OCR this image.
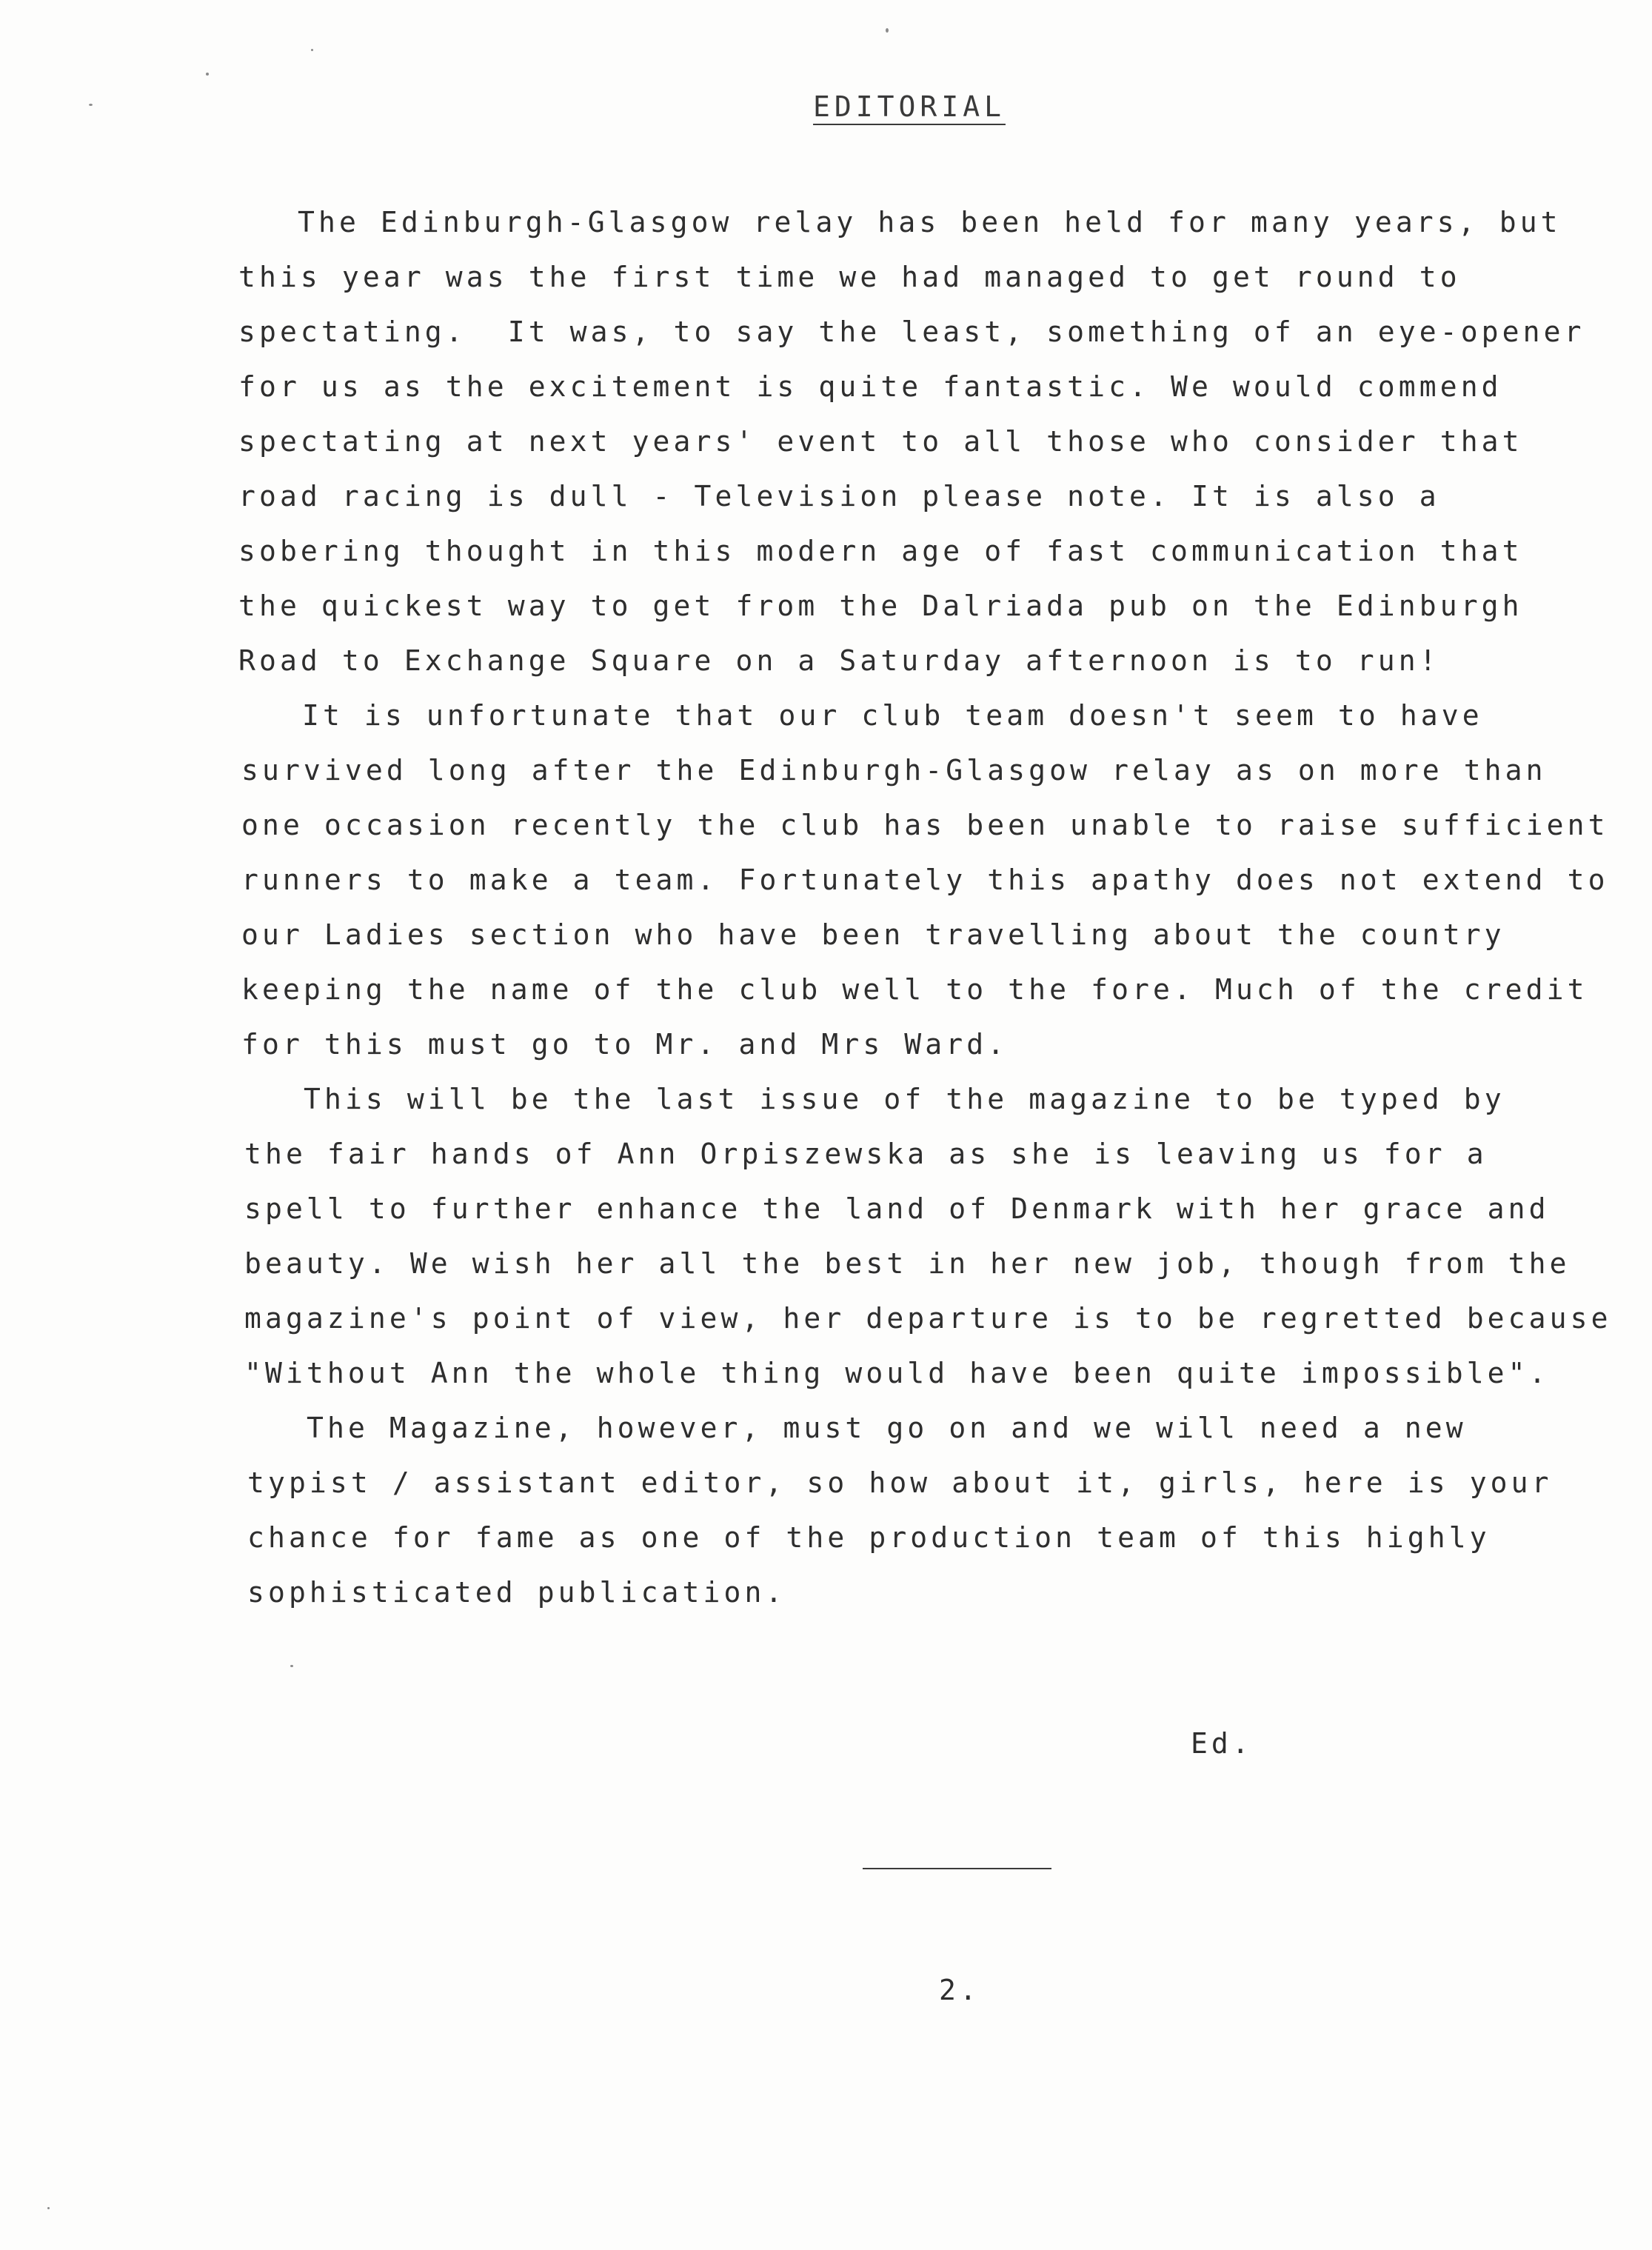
EDITORIAL
The Edinburgh-Glasgow relay has been held for many years, but
this year was the first time we had managed to get round to
spectating.  It was, to say the least, something of an eye-opener
for us as the excitement is quite fantastic. We would commend
spectating at next years' event to all those who consider that
road racing is dull - Television please note. It is also a
sobering thought in this modern age of fast communication that
the quickest way to get from the Dalriada pub on the Edinburgh
Road to Exchange Square on a Saturday afternoon is to run!
It is unfortunate that our club team doesn't seem to have
survived long after the Edinburgh-Glasgow relay as on more than
one occasion recently the club has been unable to raise sufficient
runners to make a team. Fortunately this apathy does not extend to
our Ladies section who have been travelling about the country
keeping the name of the club well to the fore. Much of the credit
for this must go to Mr. and Mrs Ward.
This will be the last issue of the magazine to be typed by
the fair hands of Ann Orpiszewska as she is leaving us for a
spell to further enhance the land of Denmark with her grace and
beauty. We wish her all the best in her new job, though from the
magazine's point of view, her departure is to be regretted because
"Without Ann the whole thing would have been quite impossible".
The Magazine, however, must go on and we will need a new
typist / assistant editor, so how about it, girls, here is your
chance for fame as one of the production team of this highly
sophisticated publication.
Ed.
2.
